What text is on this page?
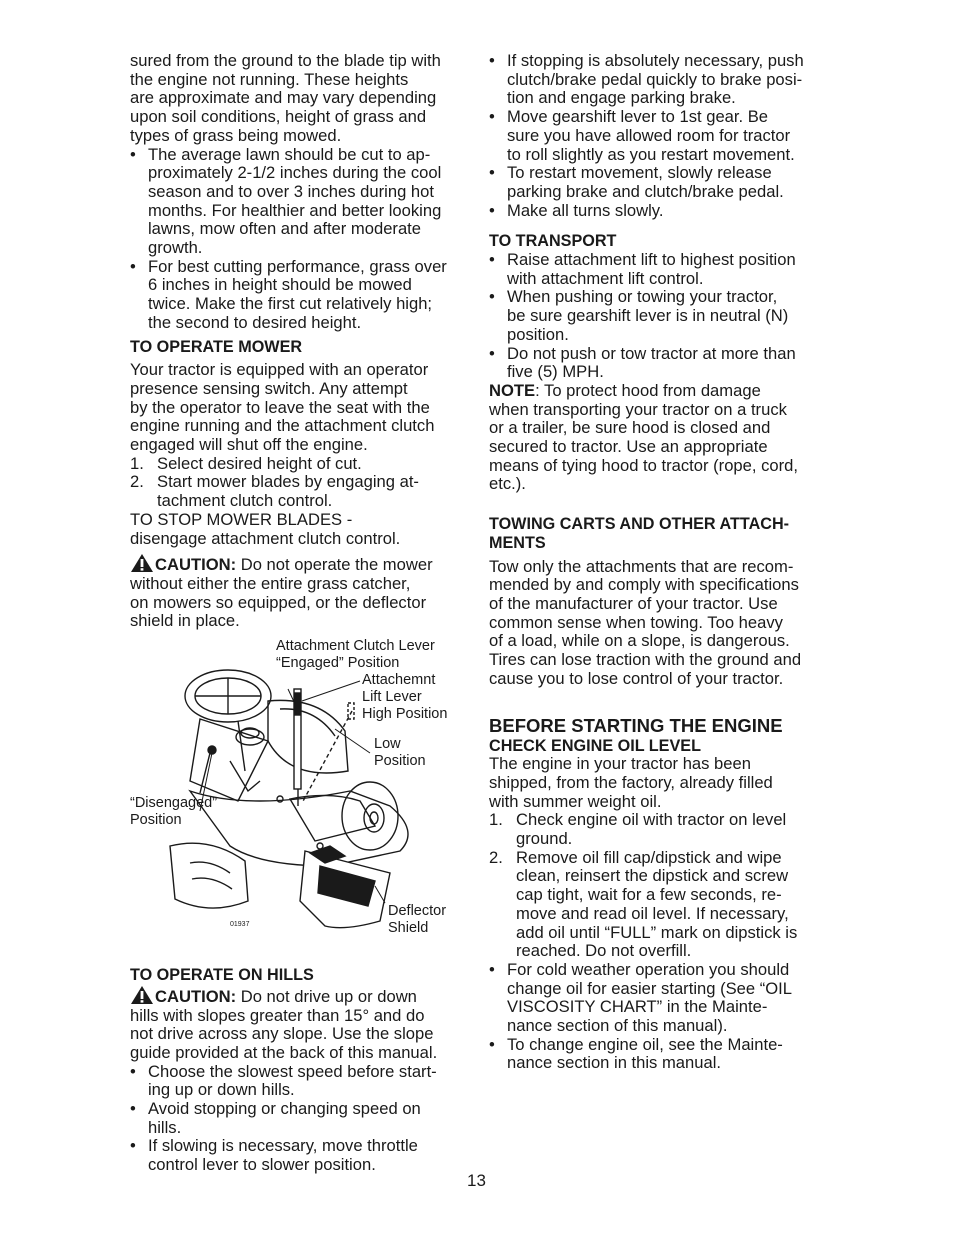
sured from the ground to the blade tip with
the engine not running. These heights
are approximate and may vary depending
upon soil conditions, height of grass and
types of grass being mowed.
• The average lawn should be cut to ap-
proximately 2-1/2 inches during the cool
season and to over 3 inches during hot
months. For healthier and better looking
lawns, mow often and after moderate
growth.
• For best cutting performance, grass over
6 inches in height should be mowed
twice. Make the first cut relatively high;
the second to desired height.

TO OPERATE MOWER

Your tractor is equipped with an operator
presence sensing switch. Any attempt
by the operator to leave the seat with the
engine running and the attachment clutch
engaged will shut off the engine.
1. Select desired height of cut.
2. Start mower blades by engaging at-
tachment clutch control.
TO STOP MOWER BLADES -
disengage attachment clutch control.
CAUTION: Do not operate the mower
without either the entire grass catcher,
on mowers so equipped, or the deflector
shield in place.
Attachment Clutch Lever
“Engaged” Position
Attachemnt
Lift Lever
High Position
Low
Position
“Disengaged”
Position
Deflector
Shield
01937

TO OPERATE ON HILLS

CAUTION: Do not drive up or down
hills with slopes greater than 15° and do
not drive across any slope. Use the slope
guide provided at the back of this manual.
• Choose the slowest speed before start-
ing up or down hills.
• Avoid stopping or changing speed on
hills.
• If slowing is necessary, move throttle
control lever to slower position.
• If stopping is absolutely necessary, push
clutch/brake pedal quickly to brake posi-
tion and engage parking brake.
• Move gearshift lever to 1st gear. Be
sure you have allowed room for tractor
to roll slightly as you restart movement.
• To restart movement, slowly release
parking brake and clutch/brake pedal.
• Make all turns slowly.

TO TRANSPORT

• Raise attachment lift to highest position
with attachment lift control.
• When pushing or towing your tractor,
be sure gearshift lever is in neutral (N)
position.
• Do not push or tow tractor at more than
five (5) MPH.
NOTE: To protect hood from damage
when transporting your tractor on a truck
or a trailer, be sure hood is closed and
secured to tractor. Use an appropriate
means of tying hood to tractor (rope, cord,
etc.).
TOWING CARTS AND OTHER ATTACH-
MENTS
Tow only the attachments that are recom-
mended by and comply with specifications
of the manufacturer of your tractor. Use
common sense when towing. Too heavy
of a load, while on a slope, is dangerous.
Tires can lose traction with the ground and
cause you to lose control of your tractor.

BEFORE STARTING THE ENGINE

CHECK ENGINE OIL LEVEL

The engine in your tractor has been
shipped, from the factory, already filled
with summer weight oil.
1. Check engine oil with tractor on level
ground.
2. Remove oil fill cap/dipstick and wipe
clean, reinsert the dipstick and screw
cap tight, wait for a few seconds, re-
move and read oil level. If necessary,
add oil until “FULL” mark on dipstick is
reached. Do not overfill.
• For cold weather operation you should
change oil for easier starting (See “OIL
VISCOSITY CHART” in the Mainte-
nance section of this manual).
• To change engine oil, see the Mainte-
nance section in this manual.
13
